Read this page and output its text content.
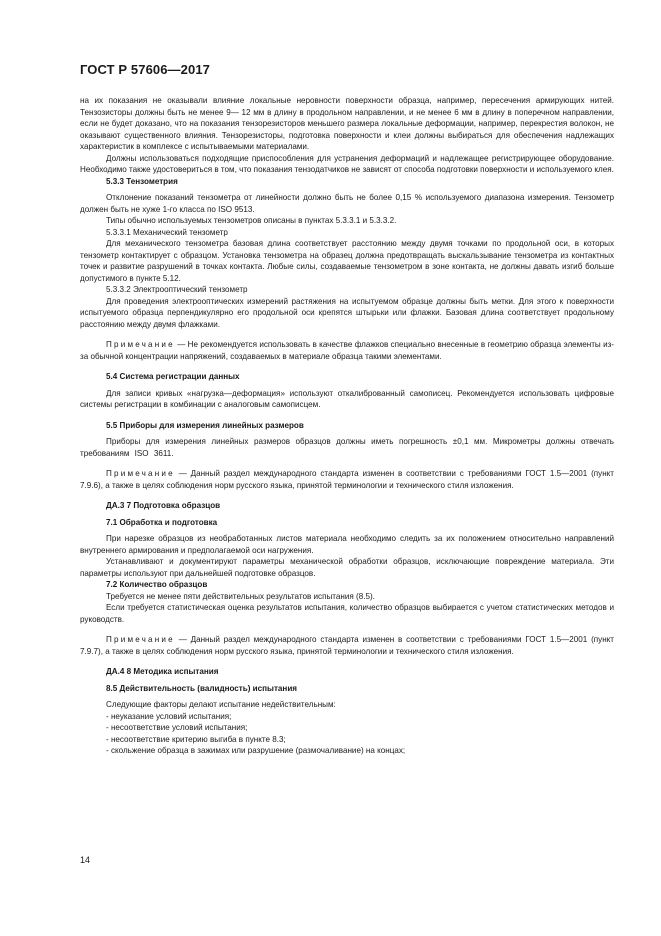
ГОСТ Р 57606—2017

на их показания не оказывали влияние локальные неровности поверхности образца, например, пересечения армирующих нитей. Тензозисторы должны быть не менее 9— 12 мм в длину в продольном направлении, и не менее 6 мм в длину в поперечном направлении, если не будет доказано, что на показания тензорезисторов меньшего размера локальные деформации, например, перекрестия волокон, не оказывают существенного влияния. Тензорезисторы, подготовка поверхности и клеи должны выбираться для обеспечения надлежащих характеристик в комплексе с испытываемыми материалами.

Должны использоваться подходящие приспособления для устранения деформаций и надлежащее регистрирующее оборудование. Необходимо также удостовериться в том, что показания тензодатчиков не зависят от способа подготовки поверхности и используемого клея.

5.3.3 Тензометрия

Отклонение показаний тензометра от линейности должно быть не более 0,15 % используемого диапазона измерения. Тензометр должен быть не хуже 1-го класса по ISO 9513.

Типы обычно используемых тензометров описаны в пунктах 5.3.3.1 и 5.3.3.2.

5.3.3.1 Механический тензометр

Для механического тензометра базовая длина соответствует расстоянию между двумя точками по продольной оси, в которых тензометр контактирует с образцом. Установка тензометра на образец должна предотвращать выскальзывание тензометра из контактных точек и развитие разрушений в точках контакта. Любые силы, создаваемые тензометром в зоне контакта, не должны давать изгиб больше допустимого в пункте 5.12.

5.3.3.2 Электрооптический тензометр

Для проведения электрооптических измерений растяжения на испытуемом образце должны быть метки. Для этого к поверхности испытуемого образца перпендикулярно его продольной оси крепятся штырьки или флажки. Базовая длина соответствует продольному расстоянию между двумя флажками.

Примечание — Не рекомендуется использовать в качестве флажков специально внесенные в геометрию образца элементы из-за обычной концентрации напряжений, создаваемых в материале образца такими элементами.

5.4 Система регистрации данных

Для записи кривых «нагрузка—деформация» используют откалиброванный самописец. Рекомендуется использовать цифровые системы регистрации в комбинации с аналоговым самописцем.

5.5 Приборы для измерения линейных размеров

Приборы для измерения линейных размеров образцов должны иметь погрешность ±0,1 мм. Микрометры должны отвечать требованиям ISO 3611.

Примечание — Данный раздел международного стандарта изменен в соответствии с требованиями ГОСТ 1.5—2001 (пункт 7.9.6), а также в целях соблюдения норм русского языка, принятой терминологии и технического стиля изложения.

ДА.3 7 Подготовка образцов

7.1 Обработка и подготовка

При нарезке образцов из необработанных листов материала необходимо следить за их положением относительно направлений внутреннего армирования и предполагаемой оси нагружения.

Устанавливают и документируют параметры механической обработки образцов, исключающие повреждение материала. Эти параметры используют при дальнейшей подготовке образцов.

7.2 Количество образцов

Требуется не менее пяти действительных результатов испытания (8.5).

Если требуется статистическая оценка результатов испытания, количество образцов выбирается с учетом статистических методов и руководств.

Примечание — Данный раздел международного стандарта изменен в соответствии с требованиями ГОСТ 1.5—2001 (пункт 7.9.7), а также в целях соблюдения норм русского языка, принятой терминологии и технического стиля изложения.

ДА.4 8 Методика испытания

8.5 Действительность (валидность) испытания

Следующие факторы делают испытание недействительным:

- неуказание условий испытания;

- несоответствие условий испытания;

- несоответствие критерию выгиба в пункте 8.3;

- скольжение образца в зажимах или разрушение (размочаливание) на концах;

14
